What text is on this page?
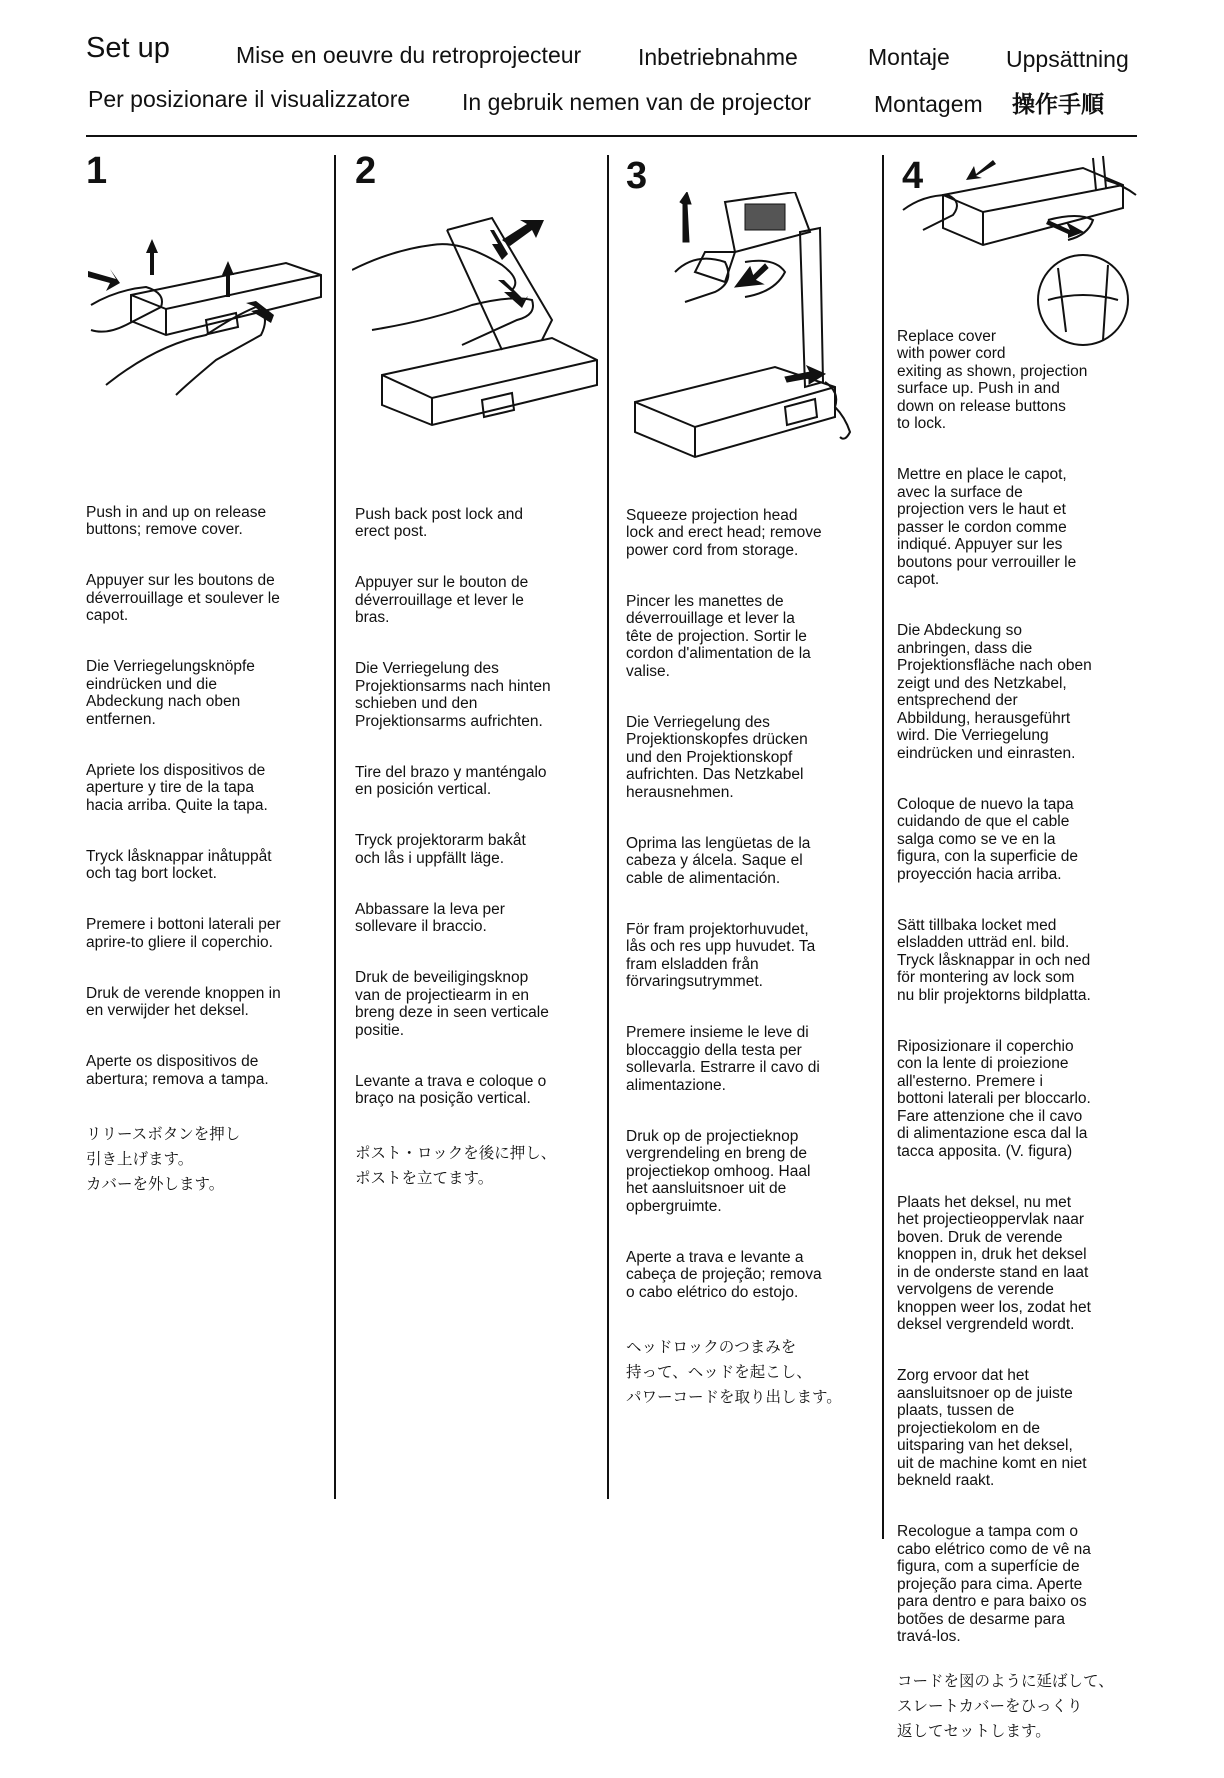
Set up	Mise en oeuvre du retroprojecteur Inbetriebnahme	Montaje Uppsättning
Per posizionare il visualizzatore In gebruik nemen van de projector	Montagem 操作手順
1

Push in and up on release
buttons; remove cover.

Appuyer sur les boutons de
déverrouillage et soulever le
capot.

Die Verriegelungsknöpfe
eindrücken und die
Abdeckung nach oben
entfernen.

Apriete los dispositivos de
aperture y tire de la tapa
hacia arriba. Quite la tapa.

Tryck låsknappar inåtuppåt
och tag bort locket.

Premere i bottoni laterali per
aprire-to gliere il coperchio.

Druk de verende knoppen in
en verwijder het deksel.

Aperte os dispositivos de
abertura; remova a tampa.

リリースボタンを押し
引き上げます。
カバーを外します。

2

Push back post lock and
erect post.

Appuyer sur le bouton de
déverrouillage et lever le
bras.

Die Verriegelung des
Projektionsarms nach hinten
schieben und den
Projektionsarms aufrichten.

Tire del brazo y manténgalo
en posición vertical.

Tryck projektorarm bakåt
och lås i uppfällt läge.

Abbassare la leva per
sollevare il braccio.

Druk de beveiligingsknop
van de projectiearm in en
breng deze in seen verticale
positie.

Levante a trava e coloque o
braço na posição vertical.

ポスト・ロックを後に押し、
ポストを立てます。

3

Squeeze projection head
lock and erect head; remove
power cord from storage.

Pincer les manettes de
déverrouillage et lever la
tête de projection. Sortir le
cordon d'alimentation de la
valise.

Die Verriegelung des
Projektionskopfes drücken
und den Projektionskopf
aufrichten. Das Netzkabel
herausnehmen.

Oprima las lengüetas de la
cabeza y álcela. Saque el
cable de alimentación.

För fram projektorhuvudet,
lås och res upp huvudet. Ta
fram elsladden från
förvaringsutrymmet.

Premere insieme le leve di
bloccaggio della testa per
sollevarla. Estrarre il cavo di
alimentazione.

Druk op de projectieknop
vergrendeling en breng de
projectiekop omhoog. Haal
het aansluitsnoer uit de
opbergruimte.

Aperte a trava e levante a
cabeça de projeção; remova
o cabo elétrico do estojo.

ヘッドロックのつまみを
持って、ヘッドを起こし、
パワーコードを取り出します。

4

Replace cover
with power cord
exiting as shown, projection
surface up. Push in and
down on release buttons
to lock.

Mettre en place le capot,
avec la surface de
projection vers le haut et
passer le cordon comme
indiqué. Appuyer sur les
boutons pour verrouiller le
capot.

Die Abdeckung so
anbringen, dass die
Projektionsfläche nach oben
zeigt und des Netzkabel,
entsprechend der
Abbildung, herausgeführt
wird. Die Verriegelung
eindrücken und einrasten.

Coloque de nuevo la tapa
cuidando de que el cable
salga como se ve en la
figura, con la superficie de
proyección hacia arriba.

Sätt tillbaka locket med
elsladden utträd enl. bild.
Tryck låsknappar in och ned
för montering av lock som
nu blir projektorns bildplatta.

Riposizionare il coperchio
con la lente di proiezione
all'esterno. Premere i
bottoni laterali per bloccarlo.
Fare attenzione che il cavo
di alimentazione esca dal la
tacca apposita. (V. figura)

Plaats het deksel, nu met
het projectieoppervlak naar
boven. Druk de verende
knoppen in, druk het deksel
in de onderste stand en laat
vervolgens de verende
knoppen weer los, zodat het
deksel vergrendeld wordt.

Zorg ervoor dat het
aansluitsnoer op de juiste
plaats, tussen de
projectiekolom en de
uitsparing van het deksel,
uit de machine komt en niet
bekneld raakt.

Recologue a tampa com o
cabo elétrico como de vê na
figura, com a superfície de
projeção para cima. Aperte
para dentro e para baixo os
botões de desarme para
travá-los.

コードを図のように延ばして、
スレートカバーをひっくり
返してセットします。
